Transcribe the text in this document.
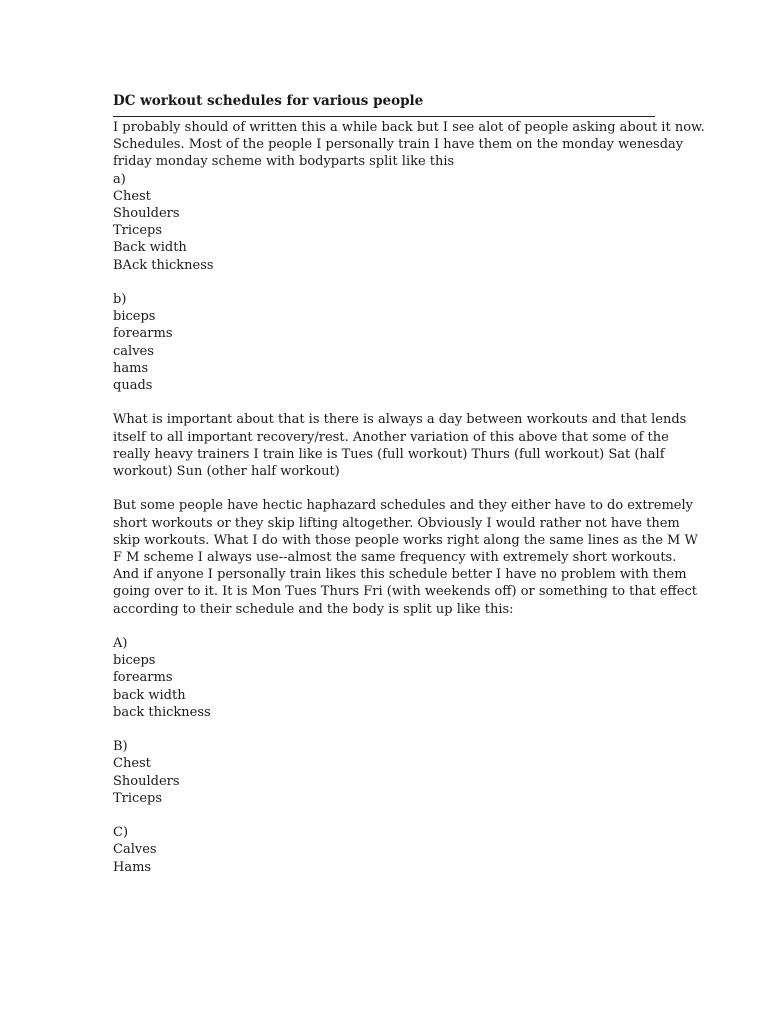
DC workout schedules for various people
I probably should of written this a while back but I see alot of people asking about it now.
Schedules. Most of the people I personally train I have them on the monday wenesday
friday monday scheme with bodyparts split like this
a)
Chest
Shoulders
Triceps
Back width
BAck thickness
b)
biceps
forearms
calves
hams
quads
What is important about that is there is always a day between workouts and that lends
itself to all important recovery/rest. Another variation of this above that some of the
really heavy trainers I train like is Tues (full workout) Thurs (full workout) Sat (half
workout) Sun (other half workout)
But some people have hectic haphazard schedules and they either have to do extremely
short workouts or they skip lifting altogether. Obviously I would rather not have them
skip workouts. What I do with those people works right along the same lines as the M W
F M scheme I always use--almost the same frequency with extremely short workouts.
And if anyone I personally train likes this schedule better I have no problem with them
going over to it. It is Mon Tues Thurs Fri (with weekends off) or something to that effect
according to their schedule and the body is split up like this:
A)
biceps
forearms
back width
back thickness
B)
Chest
Shoulders
Triceps
C)
Calves
Hams
